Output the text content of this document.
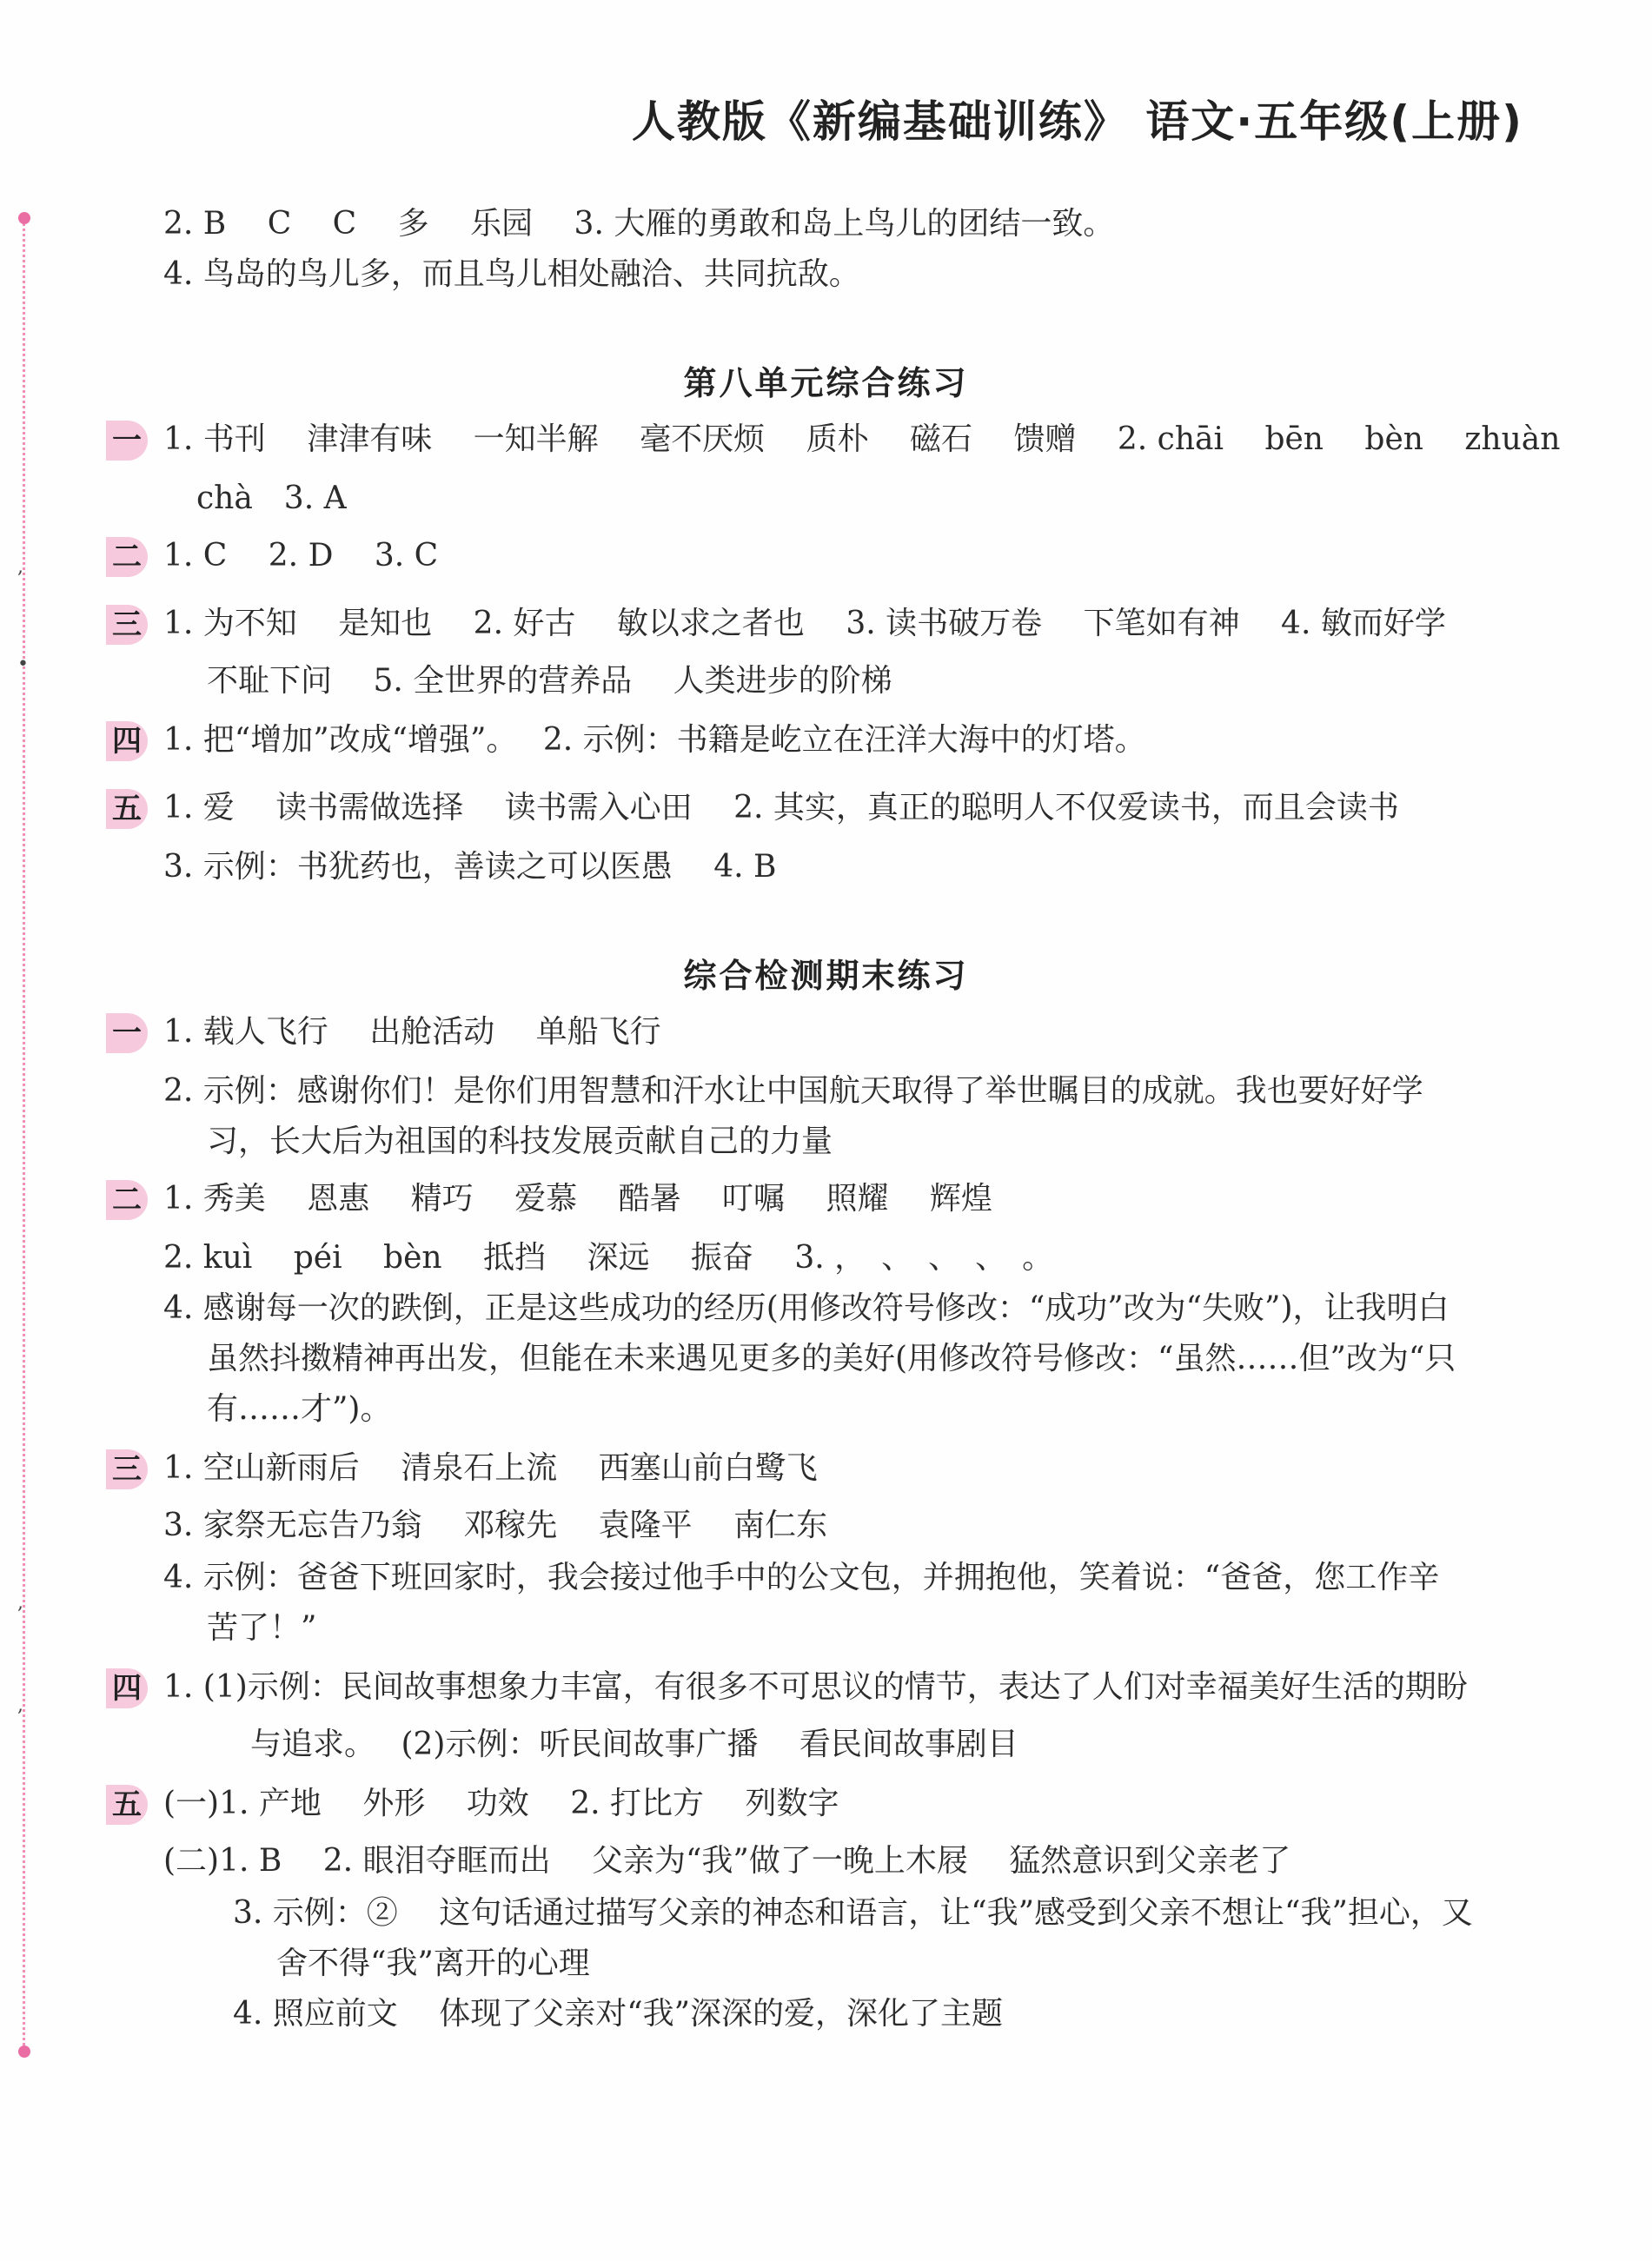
人教版《新编基础训练》 语文·五年级(上册)
,
•
,
,
2. B　 C　 C　 多　 乐园　 3. 大雁的勇敢和岛上鸟儿的团结一致。
4. 鸟岛的鸟儿多，而且鸟儿相处融洽、共同抗敌。
第八单元综合练习
一 1. 书刊　 津津有味　 一知半解　 毫不厌烦　 质朴　 磁石　 馈赠　 2. chāi　 bēn　 bèn　 zhuàn
chà　3. A
二 1. C　 2. D　 3. C
三 1. 为不知　 是知也　 2. 好古　 敏以求之者也　 3. 读书破万卷　 下笔如有神　 4. 敏而好学
不耻下问　 5. 全世界的营养品　 人类进步的阶梯
四 1. 把“增加”改成“增强”。　 2. 示例：书籍是屹立在汪洋大海中的灯塔。
五 1. 爱　 读书需做选择　 读书需入心田　 2. 其实，真正的聪明人不仅爱读书，而且会读书
3. 示例：书犹药也，善读之可以医愚　 4. B
综合检测期末练习
一 1. 载人飞行　 出舱活动　 单船飞行
2. 示例：感谢你们！是你们用智慧和汗水让中国航天取得了举世瞩目的成就。我也要好好学
习，长大后为祖国的科技发展贡献自己的力量
二 1. 秀美　 恩惠　 精巧　 爱慕　 酷暑　 叮嘱　 照耀　 辉煌
2. kuì　 péi　 bèn　 抵挡　 深远　 振奋　 3. ，　、　、　、　。
4. 感谢每一次的跌倒，正是这些成功的经历(用修改符号修改：“成功”改为“失败”)，让我明白
虽然抖擞精神再出发，但能在未来遇见更多的美好(用修改符号修改：“虽然……但”改为“只
有……才”)。
三 1. 空山新雨后　 清泉石上流　 西塞山前白鹭飞
3. 家祭无忘告乃翁　 邓稼先　 袁隆平　 南仁东
4. 示例：爸爸下班回家时，我会接过他手中的公文包，并拥抱他，笑着说：“爸爸，您工作辛
苦了！”
四 1. (1)示例：民间故事想象力丰富，有很多不可思议的情节，表达了人们对幸福美好生活的期盼
与追求。　 (2)示例：听民间故事广播　 看民间故事剧目
五 (一)1. 产地　 外形　 功效　 2. 打比方　 列数字
(二)1. B　 2. 眼泪夺眶而出　 父亲为“我”做了一晚上木屐　 猛然意识到父亲老了
3. 示例：②　 这句话通过描写父亲的神态和语言，让“我”感受到父亲不想让“我”担心，又
舍不得“我”离开的心理
4. 照应前文　 体现了父亲对“我”深深的爱，深化了主题
